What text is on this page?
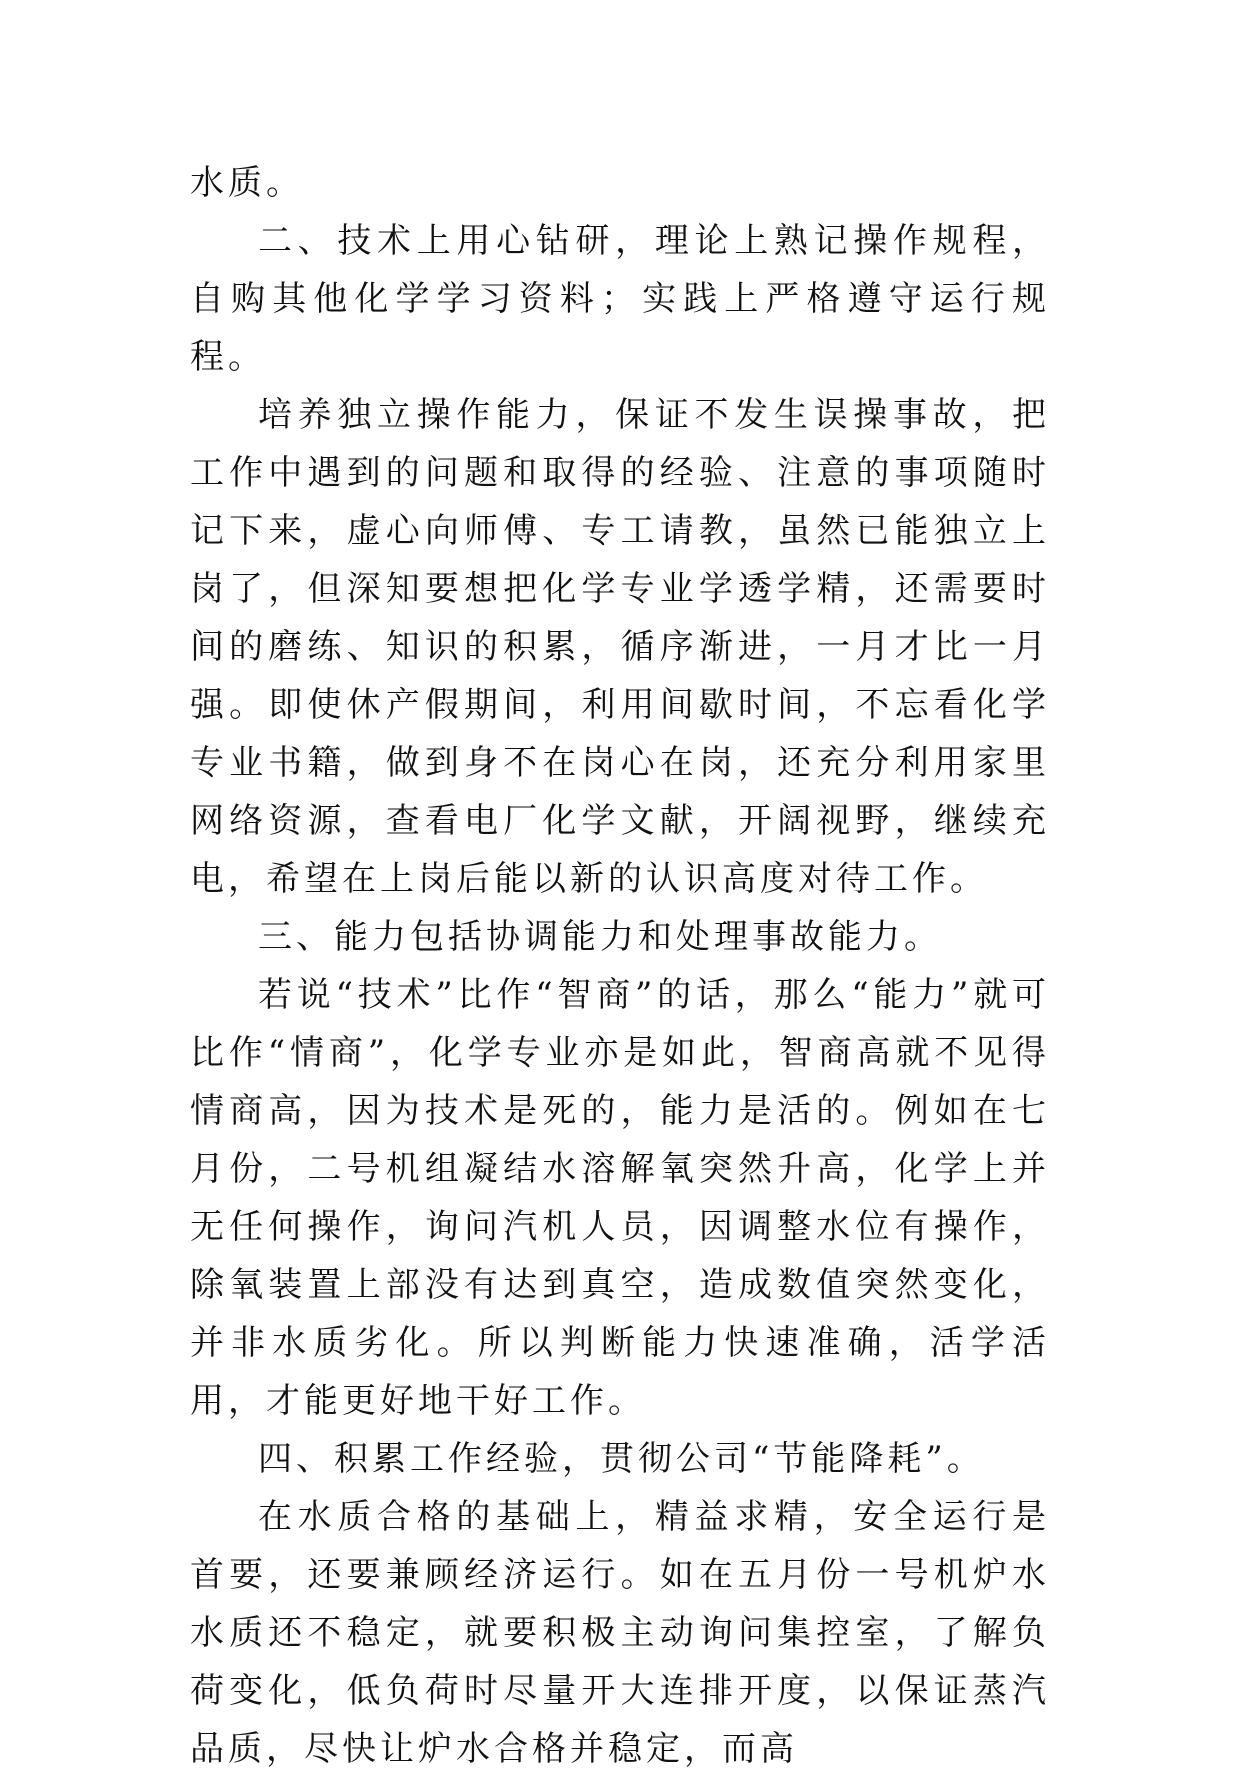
水质。

二、技术上用心钻研，理论上熟记操作规程，自购其他化学学习资料；实践上严格遵守运行规程。

培养独立操作能力，保证不发生误操事故，把工作中遇到的问题和取得的经验、注意的事项随时记下来，虚心向师傅、专工请教，虽然已能独立上岗了，但深知要想把化学专业学透学精，还需要时间的磨练、知识的积累，循序渐进，一月才比一月强。即使休产假期间，利用间歇时间，不忘看化学专业书籍，做到身不在岗心在岗，还充分利用家里网络资源，查看电厂化学文献，开阔视野，继续充电，希望在上岗后能以新的认识高度对待工作。

三、能力包括协调能力和处理事故能力。

若说“技术”比作“智商”的话，那么“能力”就可比作“情商”，化学专业亦是如此，智商高就不见得情商高，因为技术是死的，能力是活的。例如在七月份，二号机组凝结水溶解氧突然升高，化学上并无任何操作，询问汽机人员，因调整水位有操作，除氧装置上部没有达到真空，造成数值突然变化，并非水质劣化。所以判断能力快速准确，活学活用，才能更好地干好工作。

四、积累工作经验，贯彻公司“节能降耗”。

在水质合格的基础上，精益求精，安全运行是首要，还要兼顾经济运行。如在五月份一号机炉水水质还不稳定，就要积极主动询问集控室，了解负荷变化，低负荷时尽量开大连排开度，以保证蒸汽品质，尽快让炉水合格并稳定，而高
